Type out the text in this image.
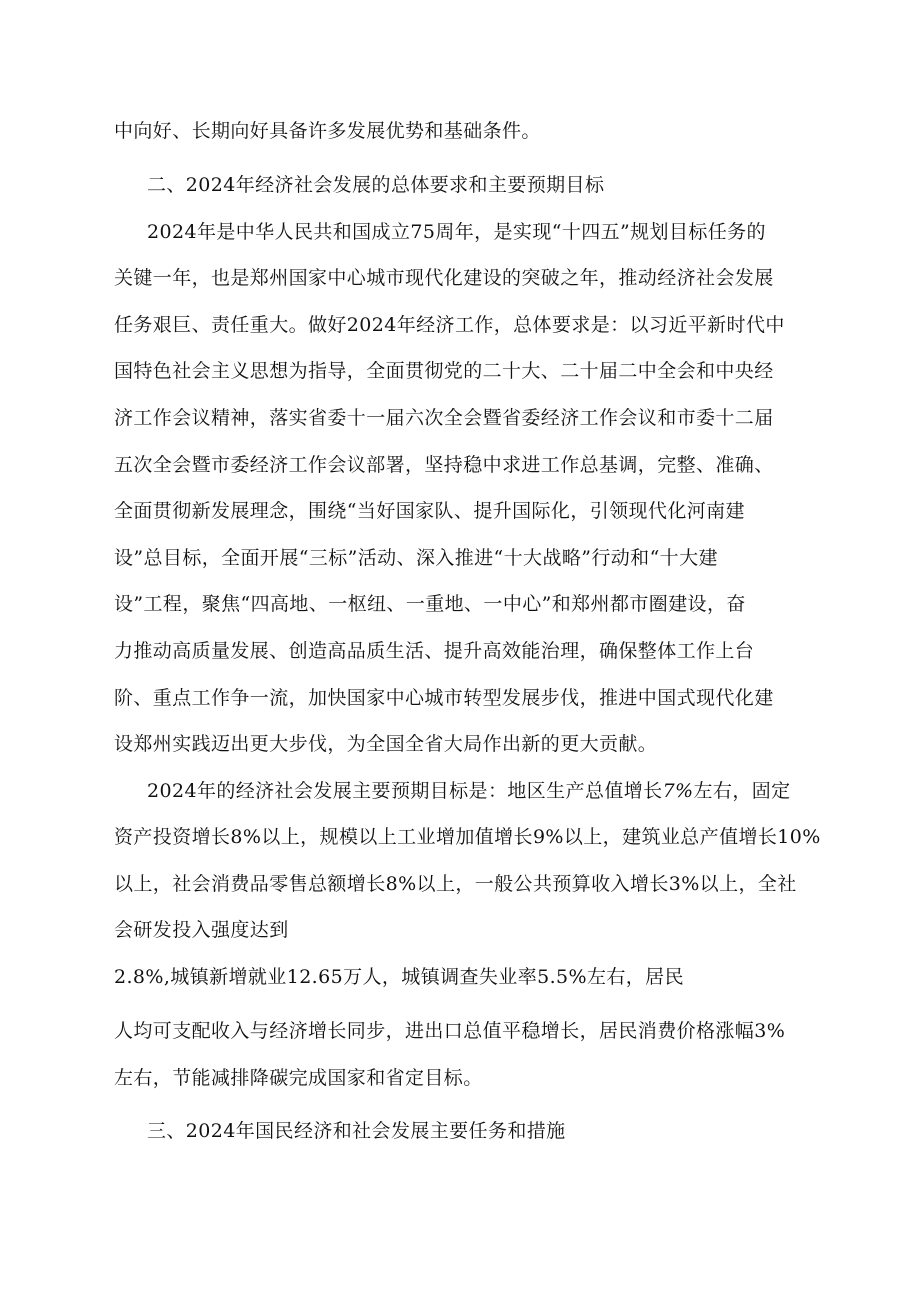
中向好、长期向好具备许多发展优势和基础条件。
二、2024年经济社会发展的总体要求和主要预期目标
2024年是中华人民共和国成立75周年，是实现“十四五”规划目标任务的
关键一年，也是郑州国家中心城市现代化建设的突破之年，推动经济社会发展
任务艰巨、责任重大。做好2024年经济工作，总体要求是：以习近平新时代中
国特色社会主义思想为指导，全面贯彻党的二十大、二十届二中全会和中央经
济工作会议精神，落实省委十一届六次全会暨省委经济工作会议和市委十二届
五次全会暨市委经济工作会议部署，坚持稳中求进工作总基调，完整、准确、
全面贯彻新发展理念，围绕“当好国家队、提升国际化，引领现代化河南建
设”总目标，全面开展“三标”活动、深入推进“十大战略”行动和“十大建
设”工程，聚焦“四高地、一枢纽、一重地、一中心”和郑州都市圈建设，奋
力推动高质量发展、创造高品质生活、提升高效能治理，确保整体工作上台
阶、重点工作争一流，加快国家中心城市转型发展步伐，推进中国式现代化建
设郑州实践迈出更大步伐，为全国全省大局作出新的更大贡献。
2024年的经济社会发展主要预期目标是：地区生产总值增长7%左右，固定
资产投资增长8%以上，规模以上工业增加值增长9%以上，建筑业总产值增长10%
以上，社会消费品零售总额增长8%以上，一般公共预算收入增长3%以上，全社
会研发投入强度达到
2.8%,城镇新增就业12.65万人，城镇调查失业率5.5%左右，居民
人均可支配收入与经济增长同步，进出口总值平稳增长，居民消费价格涨幅3%
左右，节能减排降碳完成国家和省定目标。
三、2024年国民经济和社会发展主要任务和措施
